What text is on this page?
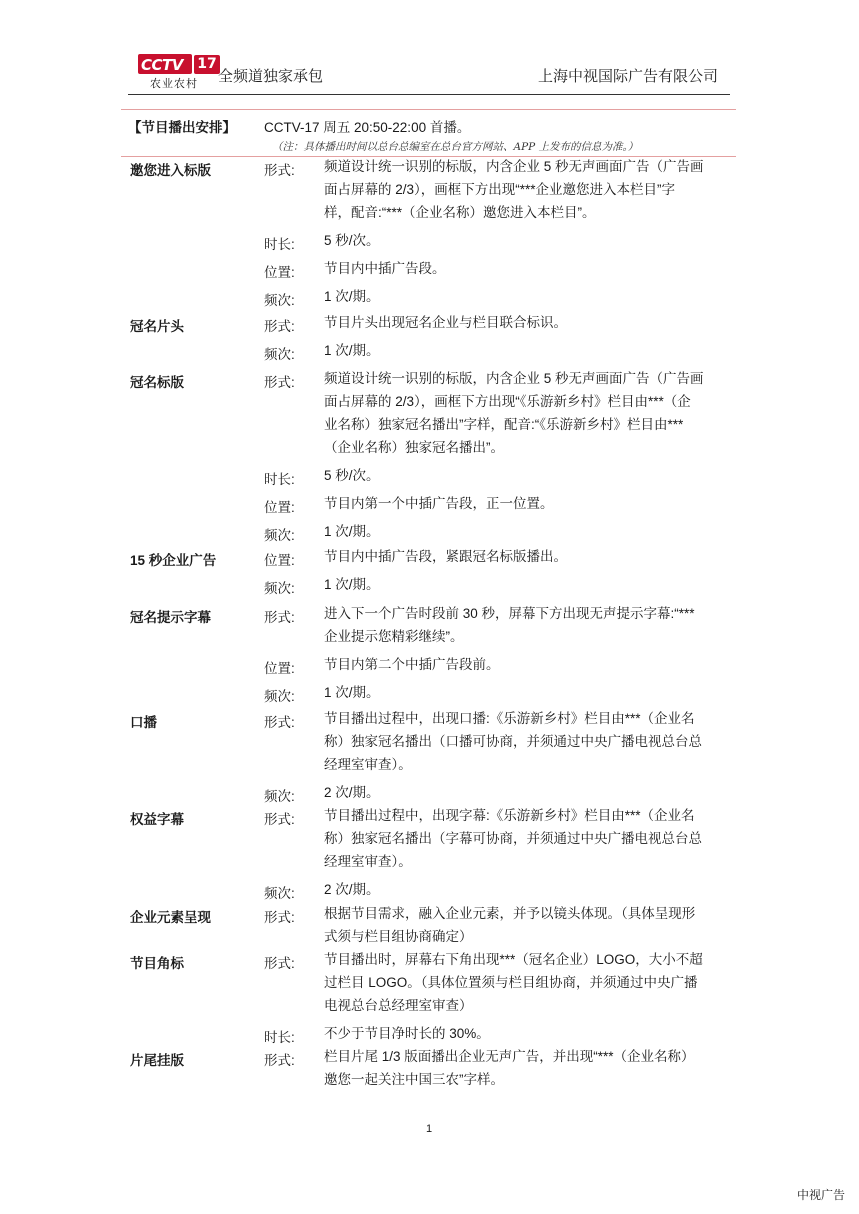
CCTV 17
农业农村 全频道独家承包	上海中视国际广告有限公司
【节目播出安排】 CCTV-17 周五 20:50-22:00 首播。
（注：具体播出时间以总台总编室在总台官方网站、APP 上发布的信息为准。）
邀您进入标版	形式: 频道设计统一识别的标版，内含企业 5 秒无声画面广告（广告画
面占屏幕的 2/3），画框下方出现“***企业邀您进入本栏目”字
样，配音:“***（企业名称）邀您进入本栏目”。
时长: 5 秒/次。
位置: 节目内中插广告段。
频次: 1 次/期。
冠名片头	形式: 节目片头出现冠名企业与栏目联合标识。
频次: 1 次/期。
冠名标版	形式: 频道设计统一识别的标版，内含企业 5 秒无声画面广告（广告画
面占屏幕的 2/3），画框下方出现“《乐游新乡村》栏目由***（企
业名称）独家冠名播出”字样，配音:“《乐游新乡村》栏目由***
（企业名称）独家冠名播出”。
时长: 5 秒/次。
位置: 节目内第一个中插广告段，正一位置。
频次: 1 次/期。
15 秒企业广告	位置: 节目内中插广告段，紧跟冠名标版播出。
频次: 1 次/期。
冠名提示字幕	形式: 进入下一个广告时段前 30 秒，屏幕下方出现无声提示字幕:“***
企业提示您精彩继续”。
位置: 节目内第二个中插广告段前。
频次: 1 次/期。
口播	形式: 节目播出过程中，出现口播:《乐游新乡村》栏目由***（企业名
称）独家冠名播出（口播可协商，并须通过中央广播电视总台总
经理室审查）。
频次: 2 次/期。
权益字幕	形式: 节目播出过程中，出现字幕:《乐游新乡村》栏目由***（企业名
称）独家冠名播出（字幕可协商，并须通过中央广播电视总台总
经理室审查）。
频次: 2 次/期。
企业元素呈现	形式: 根据节目需求，融入企业元素，并予以镜头体现。（具体呈现形
式须与栏目组协商确定）
节目角标	形式: 节目播出时，屏幕右下角出现***（冠名企业）LOGO，大小不超
过栏目 LOGO。（具体位置须与栏目组协商，并须通过中央广播
电视总台总经理室审查）
时长: 不少于节目净时长的 30%。
片尾挂版	形式: 栏目片尾 1/3 版面播出企业无声广告，并出现“***（企业名称）
邀您一起关注中国三农”字样。
1
中视广告
